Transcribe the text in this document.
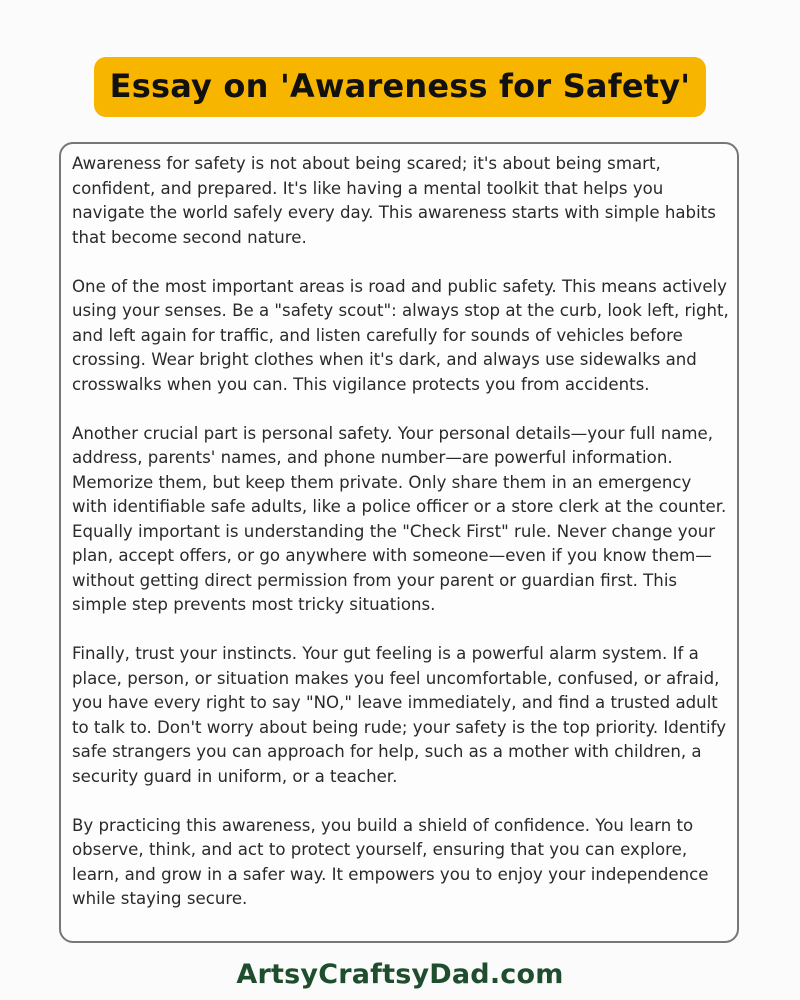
Essay on 'Awareness for Safety'

Awareness for safety is not about being scared; it's about being smart, confident, and prepared. It's like having a mental toolkit that helps you navigate the world safely every day. This awareness starts with simple habits that become second nature.

One of the most important areas is road and public safety. This means actively using your senses. Be a "safety scout": always stop at the curb, look left, right, and left again for traffic, and listen carefully for sounds of vehicles before crossing. Wear bright clothes when it's dark, and always use sidewalks and crosswalks when you can. This vigilance protects you from accidents.

Another crucial part is personal safety. Your personal details—your full name, address, parents' names, and phone number—are powerful information. Memorize them, but keep them private. Only share them in an emergency with identifiable safe adults, like a police officer or a store clerk at the counter. Equally important is understanding the "Check First" rule. Never change your plan, accept offers, or go anywhere with someone—even if you know them—without getting direct permission from your parent or guardian first. This simple step prevents most tricky situations.

Finally, trust your instincts. Your gut feeling is a powerful alarm system. If a place, person, or situation makes you feel uncomfortable, confused, or afraid, you have every right to say "NO," leave immediately, and find a trusted adult to talk to. Don't worry about being rude; your safety is the top priority. Identify safe strangers you can approach for help, such as a mother with children, a security guard in uniform, or a teacher.

By practicing this awareness, you build a shield of confidence. You learn to observe, think, and act to protect yourself, ensuring that you can explore, learn, and grow in a safer way. It empowers you to enjoy your independence while staying secure.

ArtsyCraftsyDad.com
